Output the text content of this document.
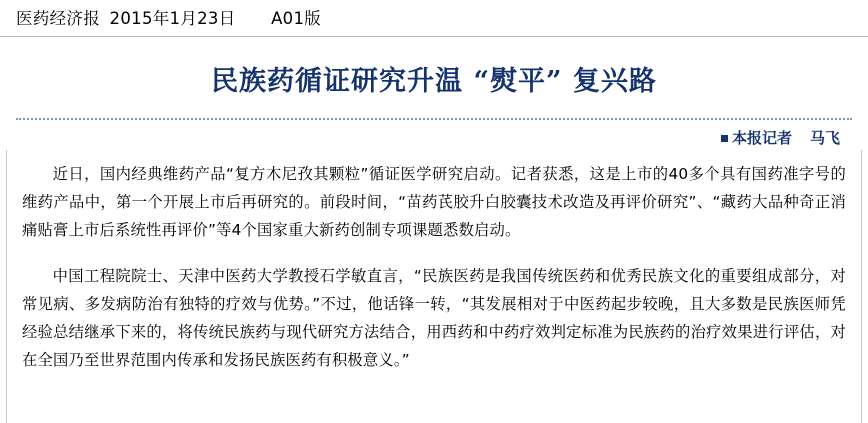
医药经济报 2015年1月23日 A01版
民族药循证研究升温 “熨平” 复兴路
本报记者 马飞

近日，国内经典维药产品“复方木尼孜其颗粒”循证医学研究启动。记者获悉，这是上市的40多个具有国药准字号的维药产品中，第一个开展上市后再研究的。前段时间，“苗药芪胶升白胶囊技术改造及再评价研究”、“藏药大品种奇正消痛贴膏上市后系统性再评价”等4个国家重大新药创制专项课题悉数启动。

中国工程院院士、天津中医药大学教授石学敏直言，“民族医药是我国传统医药和优秀民族文化的重要组成部分，对常见病、多发病防治有独特的疗效与优势。”不过，他话锋一转，“其发展相对于中医药起步较晚，且大多数是民族医师凭经验总结继承下来的，将传统民族药与现代研究方法结合，用西药和中药疗效判定标准为民族药的治疗效果进行评估，对在全国乃至世界范围内传承和发扬民族医药有积极意义。”
